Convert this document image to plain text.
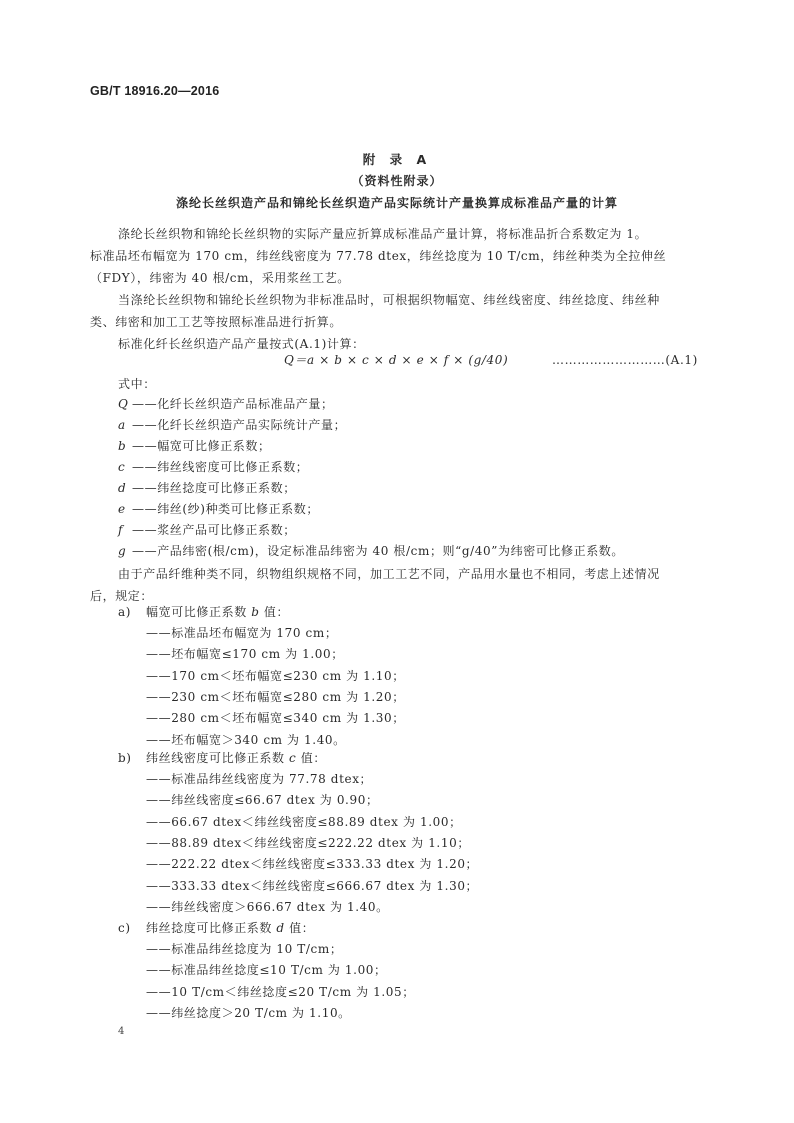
GB/T 18916.20—2016
附 录 A
（资料性附录）
涤纶长丝织造产品和锦纶长丝织造产品实际统计产量换算成标准品产量的计算
涤纶长丝织物和锦纶长丝织物的实际产量应折算成标准品产量计算，将标准品折合系数定为 1。
标准品坯布幅宽为 170 cm，纬丝线密度为 77.78 dtex，纬丝捻度为 10 T/cm，纬丝种类为全拉伸丝
（FDY），纬密为 40 根/cm，采用浆丝工艺。
当涤纶长丝织物和锦纶长丝织物为非标准品时，可根据织物幅宽、纬丝线密度、纬丝捻度、纬丝种
类、纬密和加工工艺等按照标准品进行折算。
标准化纤长丝织造产品产量按式(A.1)计算：
Q＝a × b × c × d × e × f × (g/40)	………………………(A.1)
式中：
由于产品纤维种类不同，织物组织规格不同，加工工艺不同，产品用水量也不相同，考虑上述情况
后，规定：
4
Q ——化纤长丝织造产品标准品产量；
a ——化纤长丝织造产品实际统计产量；
b ——幅宽可比修正系数；
c ——纬丝线密度可比修正系数；
d ——纬丝捻度可比修正系数；
e ——纬丝(纱)种类可比修正系数；
f ——浆丝产品可比修正系数；
g ——产品纬密(根/cm)，设定标准品纬密为 40 根/cm；则“g/40”为纬密可比修正系数。
a) 幅宽可比修正系数 b 值：
——标准品坯布幅宽为 170 cm；
——坯布幅宽≤170 cm 为 1.00；
——170 cm＜坯布幅宽≤230 cm 为 1.10；
——230 cm＜坯布幅宽≤280 cm 为 1.20；
——280 cm＜坯布幅宽≤340 cm 为 1.30；
——坯布幅宽＞340 cm 为 1.40。
b) 纬丝线密度可比修正系数 c 值：
——标准品纬丝线密度为 77.78 dtex；
——纬丝线密度≤66.67 dtex 为 0.90；
——66.67 dtex＜纬丝线密度≤88.89 dtex 为 1.00；
——88.89 dtex＜纬丝线密度≤222.22 dtex 为 1.10；
——222.22 dtex＜纬丝线密度≤333.33 dtex 为 1.20；
——333.33 dtex＜纬丝线密度≤666.67 dtex 为 1.30；
——纬丝线密度＞666.67 dtex 为 1.40。
c) 纬丝捻度可比修正系数 d 值：
——标准品纬丝捻度为 10 T/cm；
——标准品纬丝捻度≤10 T/cm 为 1.00；
——10 T/cm＜纬丝捻度≤20 T/cm 为 1.05；
——纬丝捻度＞20 T/cm 为 1.10。
